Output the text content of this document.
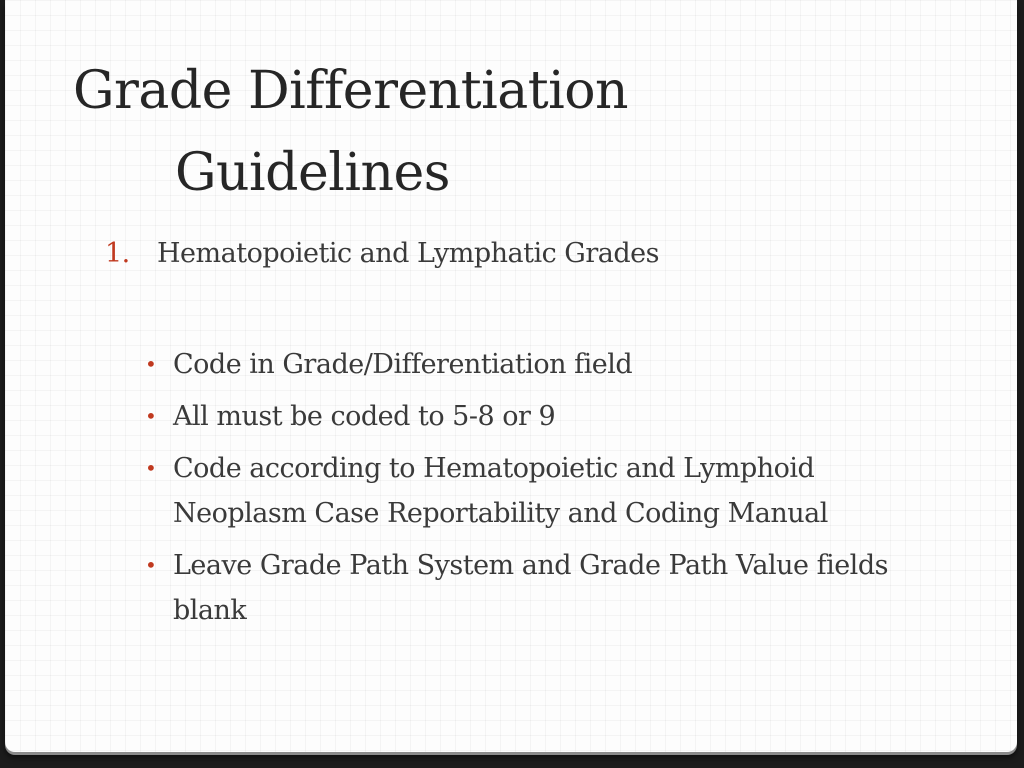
Grade Differentiation
Guidelines
1. Hematopoietic and Lymphatic Grades
• Code in Grade/Differentiation field
• All must be coded to 5-8 or 9
• Code according to Hematopoietic and Lymphoid Neoplasm Case Reportability and Coding Manual
• Leave Grade Path System and Grade Path Value fields blank
